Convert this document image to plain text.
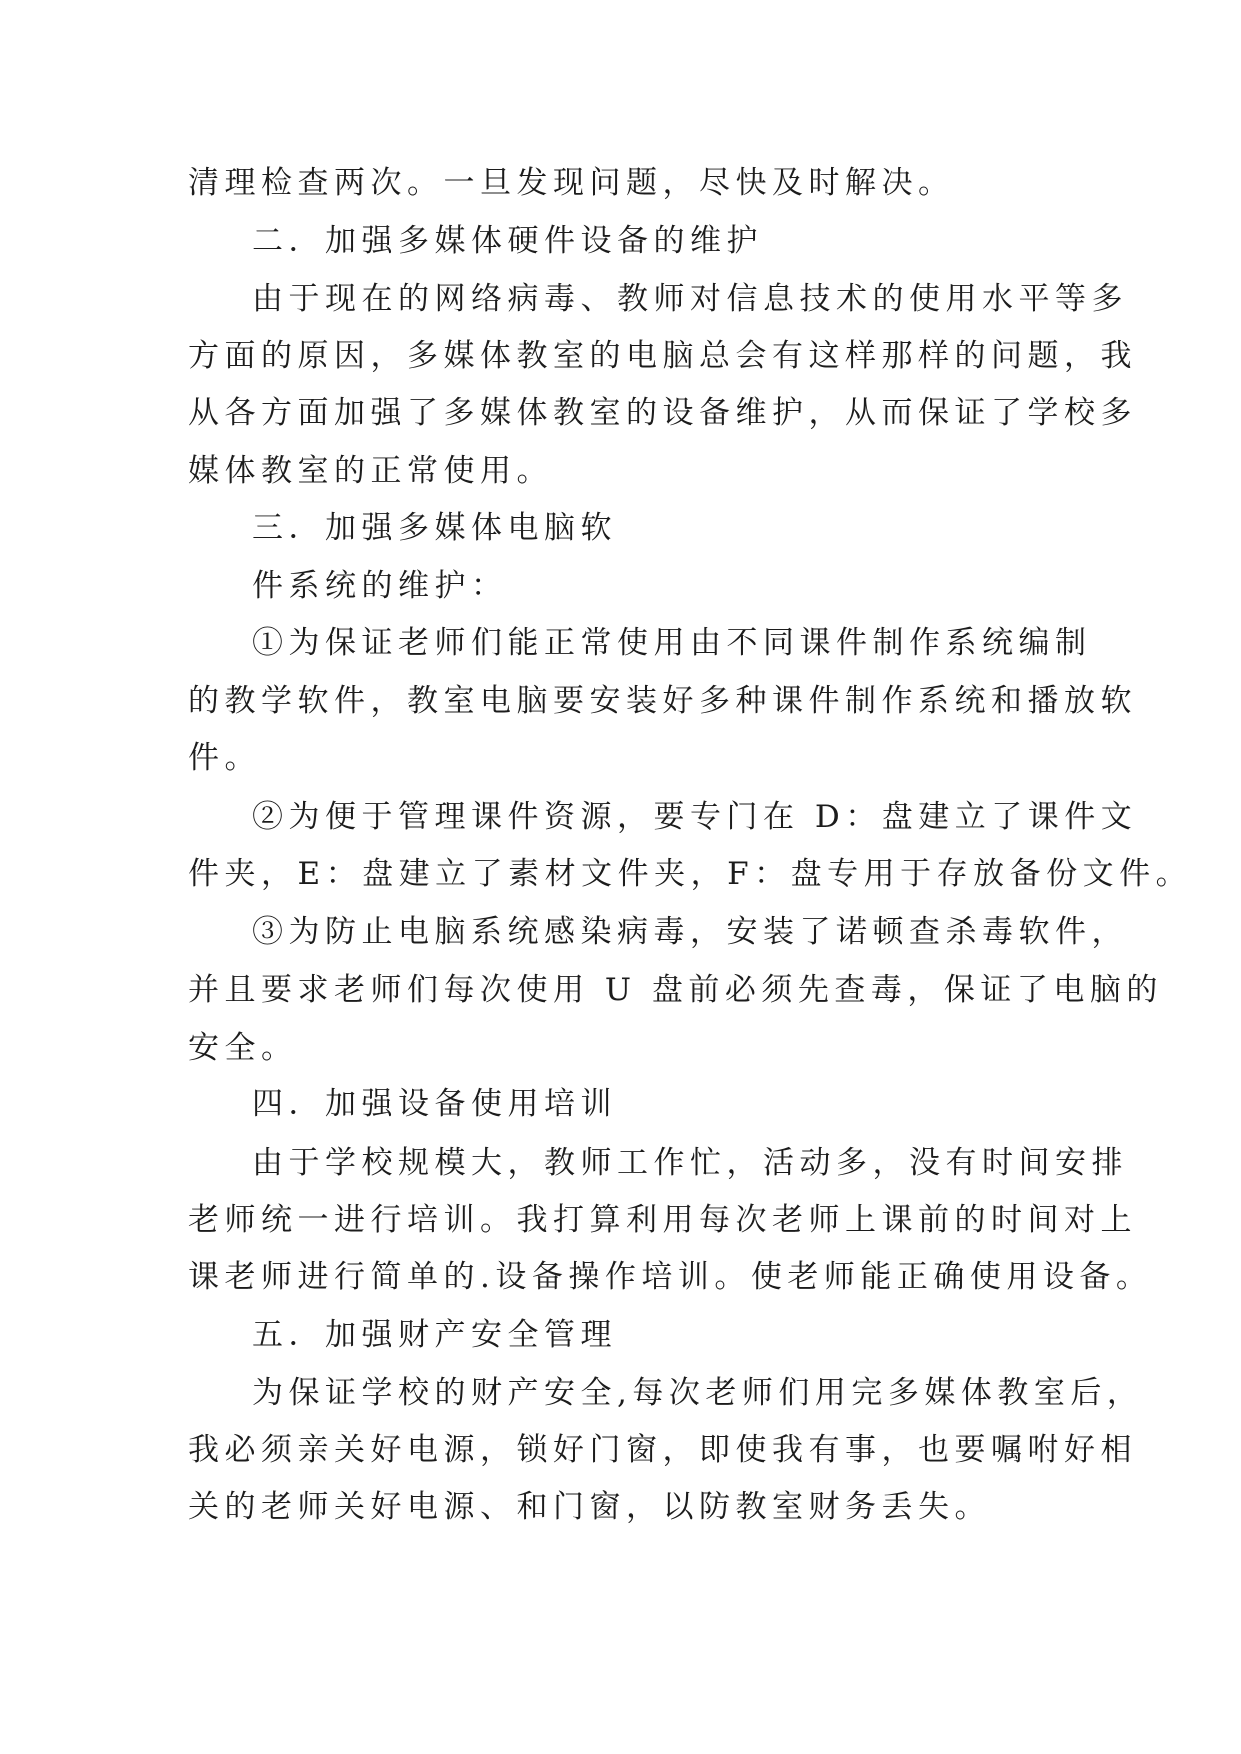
清理检查两次。一旦发现问题，尽快及时解决。
二．加强多媒体硬件设备的维护
由于现在的网络病毒、教师对信息技术的使用水平等多
方面的原因，多媒体教室的电脑总会有这样那样的问题，我
从各方面加强了多媒体教室的设备维护，从而保证了学校多
媒体教室的正常使用。
三．加强多媒体电脑软
件系统的维护：
①为保证老师们能正常使用由不同课件制作系统编制
的教学软件，教室电脑要安装好多种课件制作系统和播放软
件。
②为便于管理课件资源，要专门在 D：盘建立了课件文
件夹，E：盘建立了素材文件夹，F：盘专用于存放备份文件。
③为防止电脑系统感染病毒，安装了诺顿查杀毒软件，
并且要求老师们每次使用 U 盘前必须先查毒，保证了电脑的
安全。
四．加强设备使用培训
由于学校规模大，教师工作忙，活动多，没有时间安排
老师统一进行培训。我打算利用每次老师上课前的时间对上
课老师进行简单的.设备操作培训。使老师能正确使用设备。
五．加强财产安全管理
为保证学校的财产安全,每次老师们用完多媒体教室后，
我必须亲关好电源，锁好门窗，即使我有事，也要嘱咐好相
关的老师关好电源、和门窗，以防教室财务丢失。
